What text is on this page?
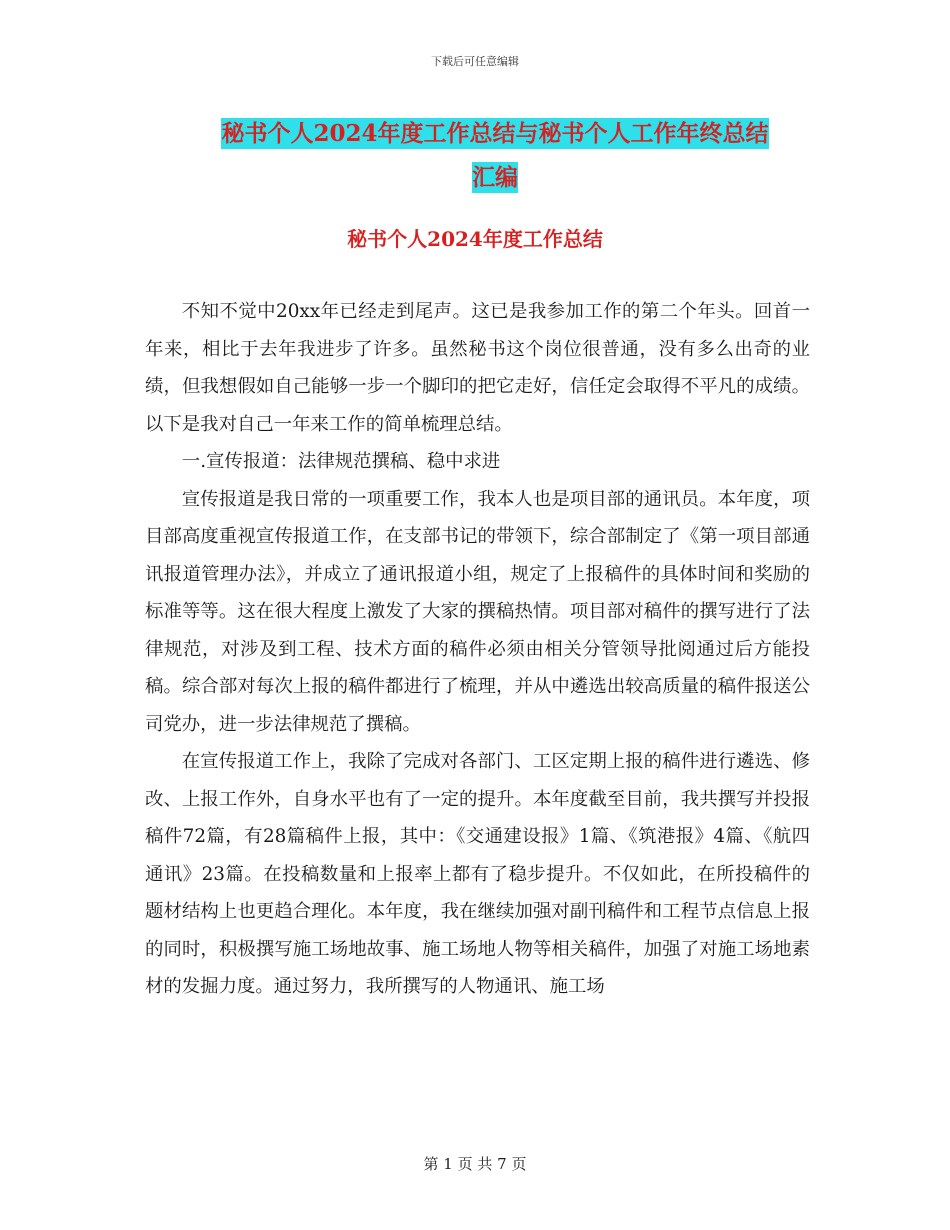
下载后可任意编辑
秘书个人2024年度工作总结与秘书个人工作年终总结
汇编
秘书个人2024年度工作总结

不知不觉中20xx年已经走到尾声。这已是我参加工作的第二个年头。回首一年来，相比于去年我进步了许多。虽然秘书这个岗位很普通，没有多么出奇的业绩，但我想假如自己能够一步一个脚印的把它走好，信任定会取得不平凡的成绩。以下是我对自己一年来工作的简单梳理总结。

一.宣传报道：法律规范撰稿、稳中求进

宣传报道是我日常的一项重要工作，我本人也是项目部的通讯员。本年度，项目部高度重视宣传报道工作，在支部书记的带领下，综合部制定了《第一项目部通讯报道管理办法》，并成立了通讯报道小组，规定了上报稿件的具体时间和奖励的标准等等。这在很大程度上激发了大家的撰稿热情。项目部对稿件的撰写进行了法律规范，对涉及到工程、技术方面的稿件必须由相关分管领导批阅通过后方能投稿。综合部对每次上报的稿件都进行了梳理，并从中遴选出较高质量的稿件报送公司党办，进一步法律规范了撰稿。

在宣传报道工作上，我除了完成对各部门、工区定期上报的稿件进行遴选、修改、上报工作外，自身水平也有了一定的提升。本年度截至目前，我共撰写并投报稿件72篇，有28篇稿件上报，其中：《交通建设报》1篇、《筑港报》4篇、《航四通讯》23篇。在投稿数量和上报率上都有了稳步提升。不仅如此，在所投稿件的题材结构上也更趋合理化。本年度，我在继续加强对副刊稿件和工程节点信息上报的同时，积极撰写施工场地故事、施工场地人物等相关稿件，加强了对施工场地素材的发掘力度。通过努力，我所撰写的人物通讯、施工场

第 1 页 共 7 页
